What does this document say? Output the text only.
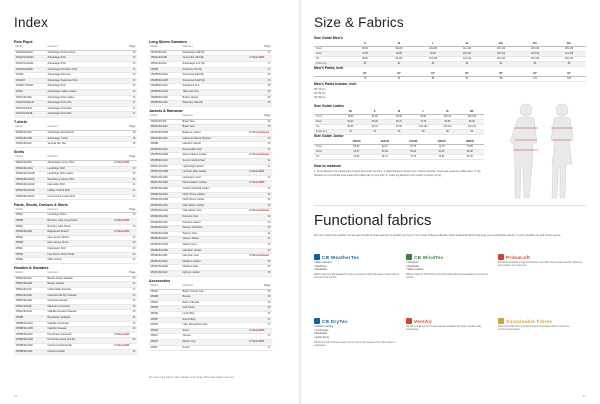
Index
Polo Piqué
Model	Garment	Page
154A/ZG/A6AC	Advantage Performance	15
154A/ZG/A6AD	Advantage Polo	15
154A/ZG/A6AE	Advantage Polo	15
154A/ZG/A6AF	Advantage Precision Polo	15
154AD	Advantage Premium	16
154ADX	Advantage Superstar Polo	16
154AD/Y/A6AD	Advantage Polo	16
1544A	Advantage Ladies Jacket	16
1544A/3AA5A	Advantage Polo Ladies	16
154A/3V/A6AJA	Advantage Polo Kids	17
154A/3V/A6JA	Advantage Polo Kids	17
154A/3V/A6JB	Advantage Polo Kids	17
T-shirts
Model	Garment	Page
1545A/3AA4A	Advantage Roundneck	18
1545A/3AA4B	Advantage T-shirt	18
1545A/3AA4C	Vertical Sky Tee	18
Shirts
Model	Garment	Page
1550A/3AA5A	Advantage Luxury Shirt	20 New 2024
1550A/3G/A6A	Landridge Shirt	20
1550A/3G/A6AB	Landridge Shirt Ladies	20
1550A/3G/A6AC	Woodberry Denim Shirt	21
1550A/3G/A6AD	Nameville Shirt	21
1550A/3G/A6AE	Hadley Oxford Shirt	21
1550A/3G/A6AF	Connecticut Loose Shirt	21
Pants, Shorts, Dresses & Skirts
Model	Garment	Page
1553A	Landridge Chino	22
1553B	Bromley Lake Long Pants	22 New 2024
1553C	Bromley Lake Pants	22
1553D/3AA4D	Edgewood Stretch	22 New 2024
1554A	New Jersey Shorts	23
1554B	New Jersey Dress	23
1554C	Clearwater Skirt	23
1554D	Fort Pierce Short Pants	23
1554E	Milton Pants	23
Hoodies & Sweaters
Model	Garment	Page
1556A/3AA4A	Basics Active Sweater	24
1556A/3AA4B	Basics Hoodie	24
1556A/3AA4C	Carbondale Sweater	24
1556A/3AA4D	Colonial Half Zip Sweater	24
1556A/3AA4E	Columbia Hoodie	24
1556A/3AA4F	Mariners Crewneck	25
1556A/3AA4G	Oakville Hooded Sweater	25
1556B	Brookside Cardigan	25
1556B/3G/A6A	Oakville Crewneck	25
1556B/3G/A6B	Oakville Sweater	25
1556B/3G/A6C	Pembroke Crewneck	26 New 2024
1556B/3G/A6D	Pembroke Hood Full Zip	26
1556B/3G/A6E	Carson Hood Full Zip	26 New 2024
1556B/3G/A6F	Carson Hoodie	26
Long Sleeve Sweaters
Model	Garment	Page
1560A/3AA4A	Advantage Half Zip	27
1560A/3AA4B	Greenville Half Zip	27 New 2024
1560A/3AA4C	Advantage Knit Top	27
1560B	Ambrose Full Zip	27
1560B/3G/A6A	Townsend Half Zip	28
1560B/3G/A6B	Stonewood Half Zip	28
1560B/3G/A6C	Sandpoint Knit	28
1560B/3G/A6D	Tillamook Knit	28
1560B/3G/A6E	Beach Jacket	28
1560B/3G/A6F	Waverley Half Zip	28
Jackets & Rainwear
Model	Garment	Page
3500A/3G/A6	Basic Vest	30
3500A/3G/A6A	Basic Vest	30
3500A/3G/A6B	Bellevue Jacket	30 Discontinued
3500A/3G/A6C	Clarence Fleece Pullover	30
3500B	Hamilton Jacket	30
3500B/3G/A6A	Ravensdale Vest	31
3500B/3G/A6B	Alpine Fleece Jacket	31 Discontinued
3500B/3G/A6C	Summit Hybrid Vest	31
3500C/3G/A6A	Lightweight Jacket	31
3500C/3G/A6B	La Push Rain Jacket	31 New 2024
3500C/3G/A6C	Huntington Vest	32
3500C/3G/A6D	Mount Adams Jacket	32 New 2024
3500C/3G/A6E	Carlyle Softshell Jacket	32
3500D/3G/A6A	North Shore Jacket	32
3500D/3G/A6B	North Shore Parka	32
3500D/3G/A6C	Oak Harbor Jacket	33
3500D/3G/A6D	Oak Harbor Vest	33 Discontinued
3500D/3G/A6E	Kelowna Vest	33
3500D/3G/A6F	Kelowna Jacket	33
3500E/3G/A6A	Weston Softshell	33
3500E/3G/A6B	Weston Vest	34
3500E/3G/A6C	Glacier Jacket	34
3500E/3G/A6D	Glacier Vest	34
3500E/3G/A6E	Hampton Jacket	34
3500E/3G/A6F	Hampton Vest	34 Discontinued
3500F/3G/A6A	Madison Jacket	35
3500F/3G/A6B	Madison Vest	35
3500F/3G/A6C	Gilmore Jacket	35
Accessories
Model	Garment	Page
4500A	Basic Trucker Cap	36
4500B	Beanie	36
4500C	Rain Umbrella	36
4500D	Golf Towel	36
4500E	Lunch Box	36
4500F	Sports Bag	37
4500G	Lake Wenatchee Cap	37
4500H	Scarf	37 New 2024
4500J	Gloves	37
4500K	Winter Cap	37 New 2024
4500L	Socks	37
We reserve the right to make changes in the range. Prices and colours may vary.
96
Size & Fabrics
Size Guide Men's
	S	M	L	XL	2XL	3XL	4XL
Chest	88-92	96-100	104-108	112-116	120-124	128-132	136-140
Waist	76-80	84-88	92-96	100-104	108-112	116-120	124-128
Hip	88-92	96-100	104-108	112-116	120-124	128-132	136-140
Inside Leg	81	81	84	84	84	86	86
Men's Pants, inch
	30"	32"	34"	36"	38"	40"	42"
	76	81	86	91	96	101	106
Men's Pants inseam, inch
30" 76 cm
32" 81 cm
34" 86 cm
Size Guide Ladies
	XS	S	M	L	XL	2XL
Chest	78-82	82-86	86-90	92-96	98-102	104-108
Waist	60-64	64-68	68-72	74-78	80-84	86-90
Hip	86-90	90-94	94-98	100-104	106-110	112-116
Inside Leg	76	76	80	80	80	82
Size Guide Junior
	110/116	122/128	134/140	146/152	158/164
Chest	58-62	62-67	67-73	73-79	79-85
Waist	54-57	56-59	59-62	62-65	65-68
Hip	60-66	66-72	72-78	78-84	84-90
How to measure
1. Chest Measure the widest part of chest just under the arms. 2. Waist Measure around your natural waistline. Keep tape measure a little loose. 3. Hip Measure at a horizontal level around the fullest part of your hips. 4. Inside leg Measure from crotch to bottom of leg.
Functional fabrics
We can't control the weather but we can provide the best garment to protect you from it. The Cutter & Buck collection offers functional fabrics that keep you comfortable and dry in every situation on and off the course.
CB WeatherTec
• Water-repellent
• Windproof
• Breathable
Fabrics featuring CB WeatherTec have a protective finish that makes water bead up and roll off the surface.
CB WindTec
• Windproof
• Breathable
• Water-resistant
Fabrics featuring CB WindTec stop wind while allowing perspiration to escape for comfort.
PrimaLoft
PrimaLoft insulation is high performance microfiber that provides warmth, lightness and comfort even when wet.
CB DryTec
• Moisture wicking
• Comfortable
• Breathable
• Quick drying
CB DryTec pulls moisture away from the skin to the surface of the fabric where it evaporates.
VentAir
VentAir is engineered to create natural ventilation that helps regulate body temperature.
Sustainable Fibres
Garments made from recycled polyester and organic fibres reduce the environmental impact.
97
